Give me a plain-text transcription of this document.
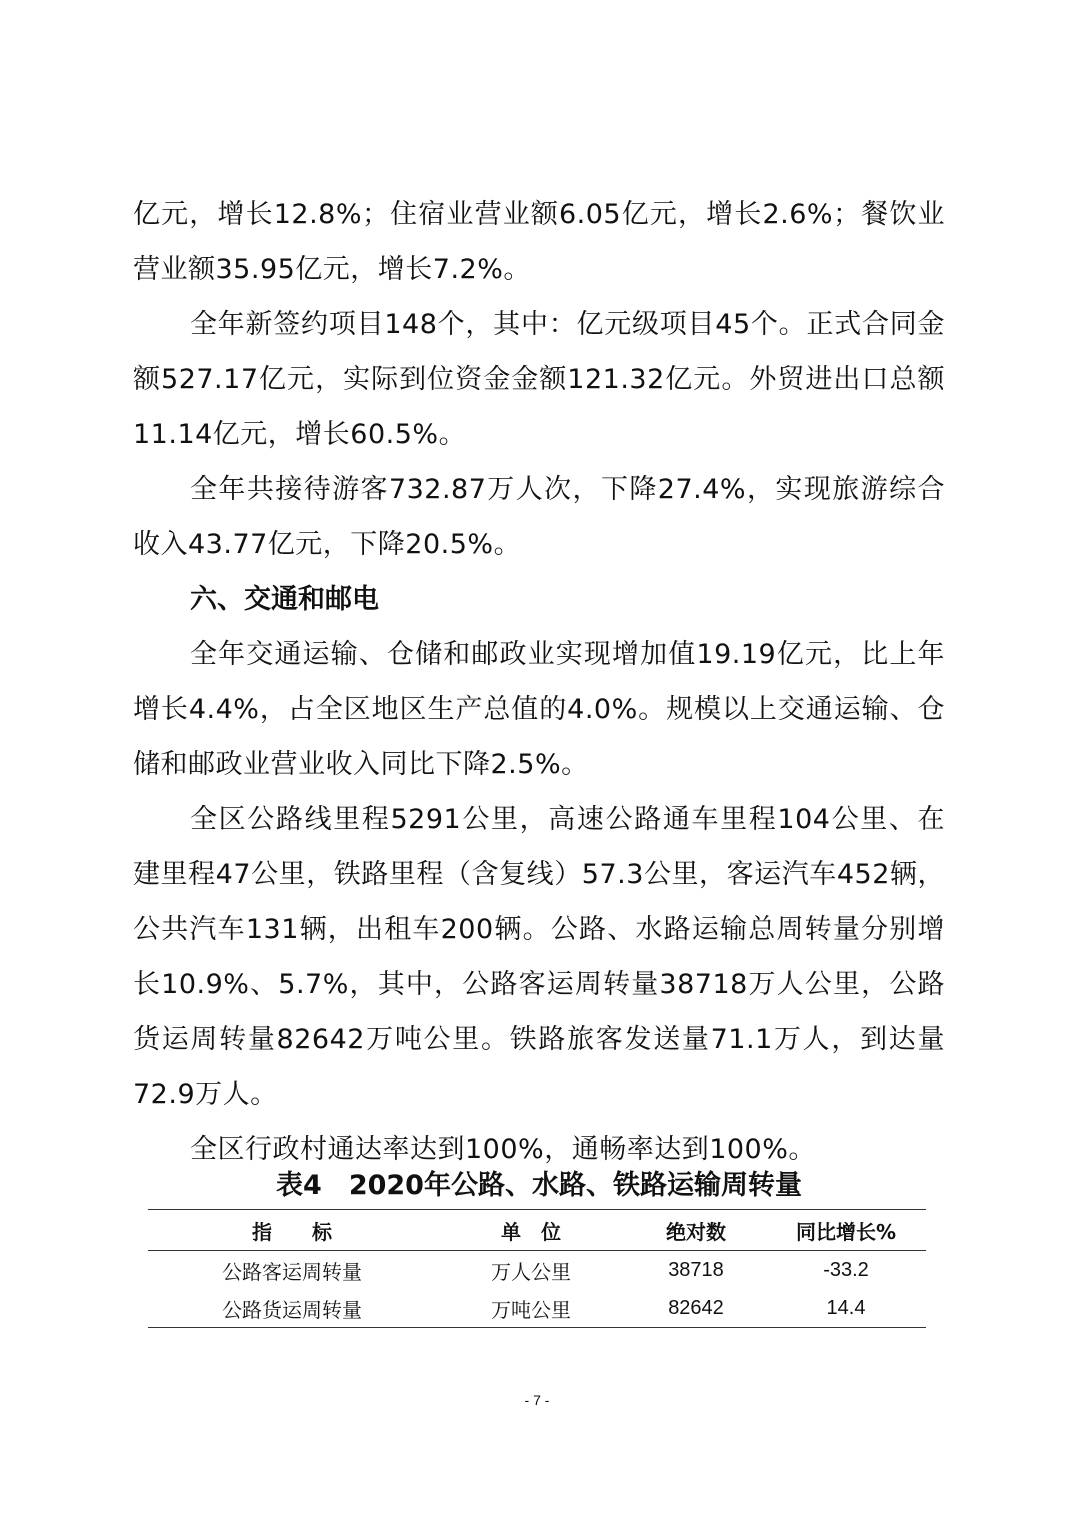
亿元，增长12.8%；住宿业营业额6.05亿元，增长2.6%；餐饮业营业额35.95亿元，增长7.2%。

全年新签约项目148个，其中：亿元级项目45个。正式合同金额527.17亿元，实际到位资金金额121.32亿元。外贸进出口总额11.14亿元，增长60.5%。

全年共接待游客732.87万人次，下降27.4%，实现旅游综合收入43.77亿元，下降20.5%。

六、交通和邮电

全年交通运输、仓储和邮政业实现增加值19.19亿元，比上年增长4.4%，占全区地区生产总值的4.0%。规模以上交通运输、仓储和邮政业营业收入同比下降2.5%。

全区公路线里程5291公里，高速公路通车里程104公里、在建里程47公里，铁路里程（含复线）57.3公里，客运汽车452辆，公共汽车131辆，出租车200辆。公路、水路运输总周转量分别增长10.9%、5.7%，其中，公路客运周转量38718万人公里，公路货运周转量82642万吨公里。铁路旅客发送量71.1万人，到达量72.9万人。

全区行政村通达率达到100%，通畅率达到100%。

表4　2020年公路、水路、铁路运输周转量
指　　标	单　位	绝对数	同比增长%
公路客运周转量	万人公里	38718	-33.2
公路货运周转量	万吨公里	82642	14.4
- 7 -
